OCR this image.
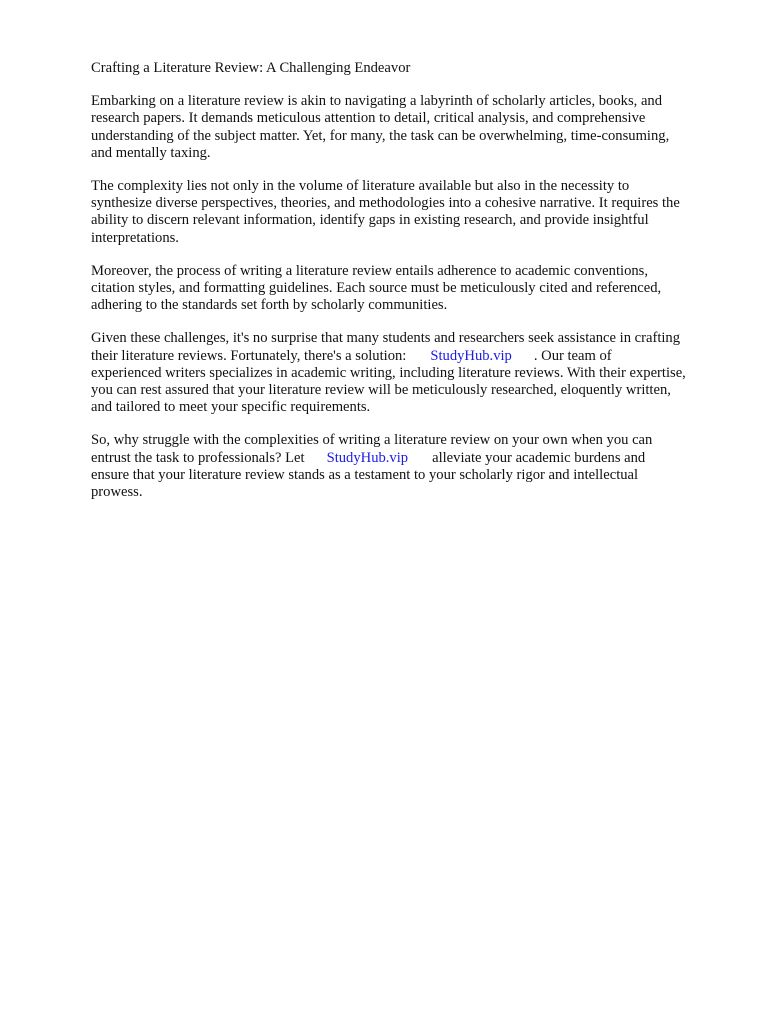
Crafting a Literature Review: A Challenging Endeavor

Embarking on a literature review is akin to navigating a labyrinth of scholarly articles, books, and
research papers. It demands meticulous attention to detail, critical analysis, and comprehensive
understanding of the subject matter. Yet, for many, the task can be overwhelming, time-consuming,
and mentally taxing.

The complexity lies not only in the volume of literature available but also in the necessity to
synthesize diverse perspectives, theories, and methodologies into a cohesive narrative. It requires the
ability to discern relevant information, identify gaps in existing research, and provide insightful
interpretations.

Moreover, the process of writing a literature review entails adherence to academic conventions,
citation styles, and formatting guidelines. Each source must be meticulously cited and referenced,
adhering to the standards set forth by scholarly communities.

Given these challenges, it's no surprise that many students and researchers seek assistance in crafting
their literature reviews. Fortunately, there's a solution: StudyHub.vip . Our team of
experienced writers specializes in academic writing, including literature reviews. With their expertise,
you can rest assured that your literature review will be meticulously researched, eloquently written,
and tailored to meet your specific requirements.

So, why struggle with the complexities of writing a literature review on your own when you can
entrust the task to professionals? Let StudyHub.vip alleviate your academic burdens and
ensure that your literature review stands as a testament to your scholarly rigor and intellectual
prowess.
